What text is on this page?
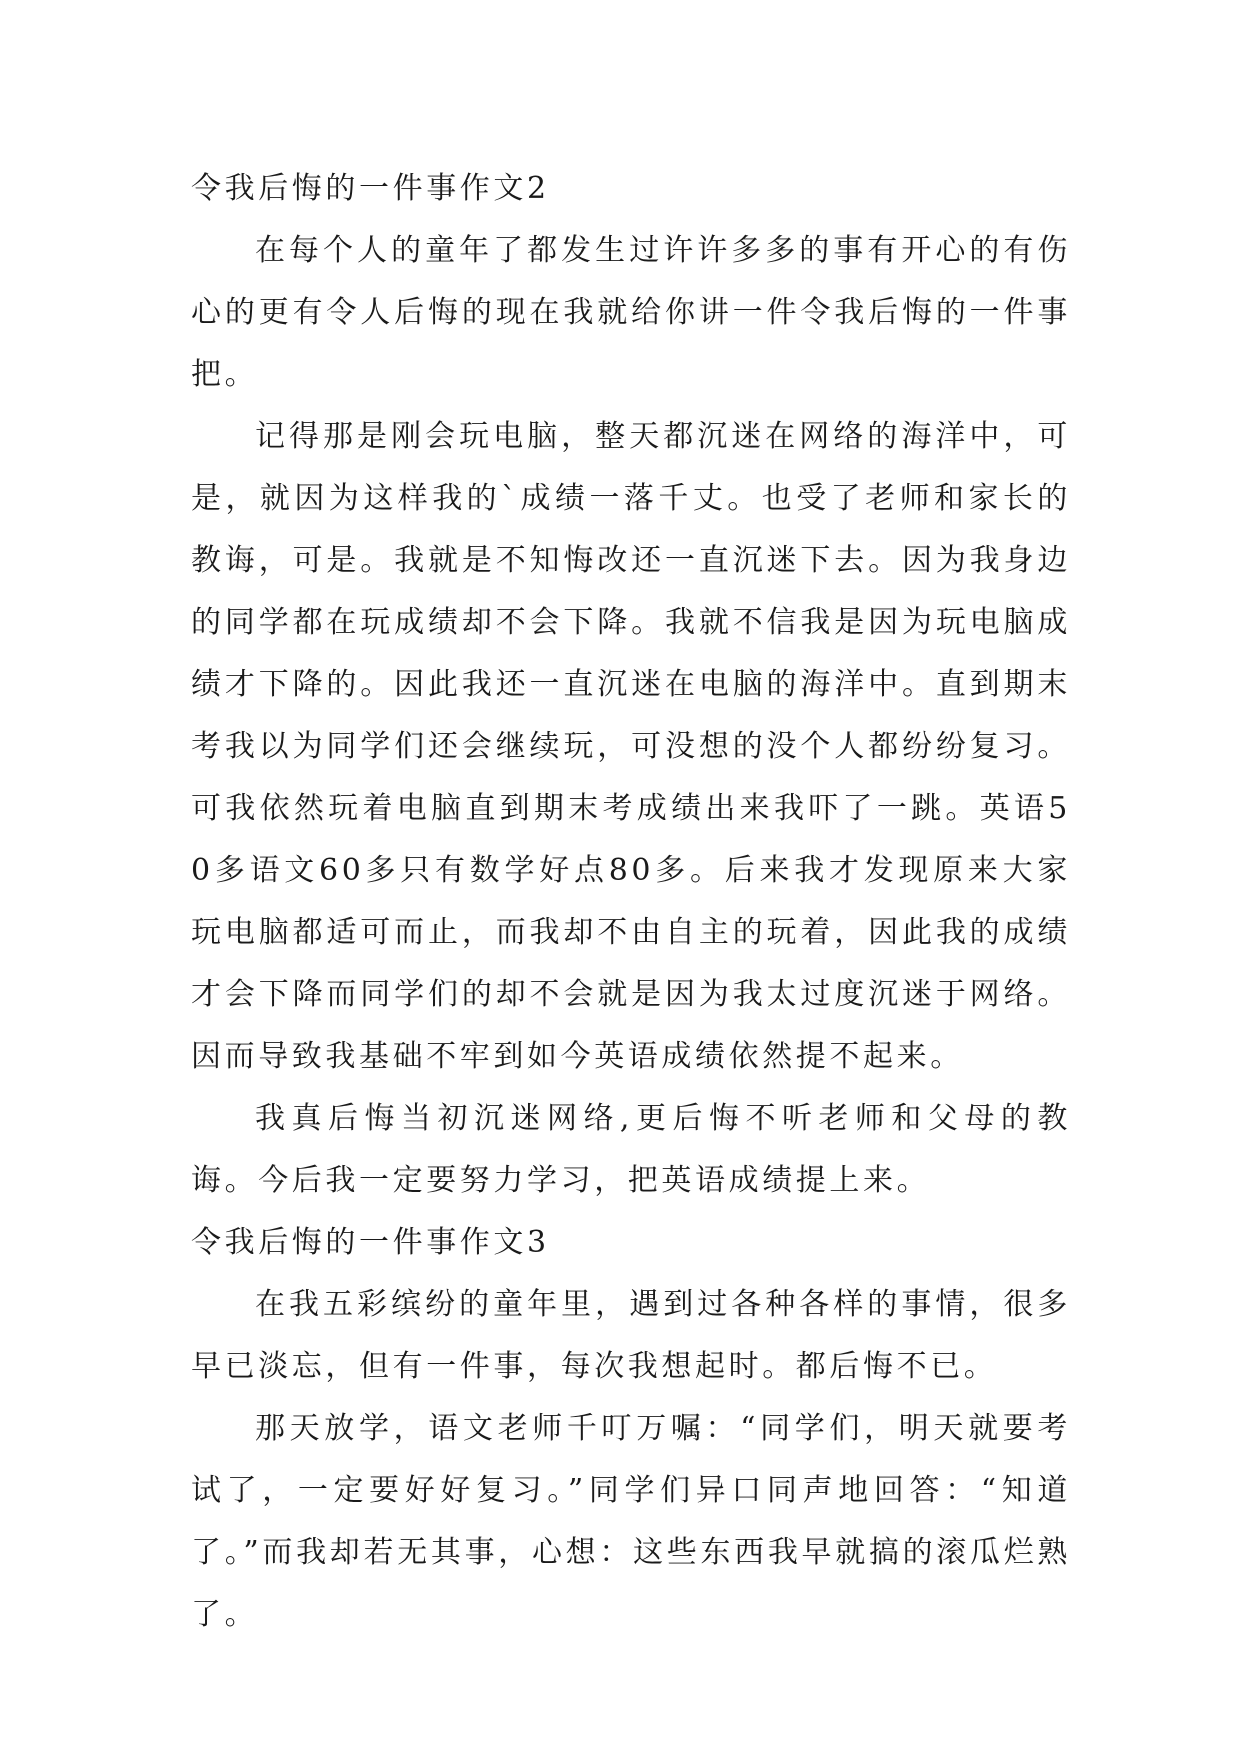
令我后悔的一件事作文2

在每个人的童年了都发生过许许多多的事有开心的有伤心的更有令人后悔的现在我就给你讲一件令我后悔的一件事把。

记得那是刚会玩电脑，整天都沉迷在网络的海洋中，可是，就因为这样我的`成绩一落千丈。也受了老师和家长的教诲，可是。我就是不知悔改还一直沉迷下去。因为我身边的同学都在玩成绩却不会下降。我就不信我是因为玩电脑成绩才下降的。因此我还一直沉迷在电脑的海洋中。直到期末考我以为同学们还会继续玩，可没想的没个人都纷纷复习。可我依然玩着电脑直到期末考成绩出来我吓了一跳。英语50多语文60多只有数学好点80多。后来我才发现原来大家玩电脑都适可而止，而我却不由自主的玩着，因此我的成绩才会下降而同学们的却不会就是因为我太过度沉迷于网络。因而导致我基础不牢到如今英语成绩依然提不起来。

我真后悔当初沉迷网络,更后悔不听老师和父母的教诲。今后我一定要努力学习，把英语成绩提上来。

令我后悔的一件事作文3

在我五彩缤纷的童年里，遇到过各种各样的事情，很多早已淡忘，但有一件事，每次我想起时。都后悔不已。

那天放学，语文老师千叮万嘱：“同学们，明天就要考试了，一定要好好复习。”同学们异口同声地回答：“知道了。”而我却若无其事，心想：这些东西我早就搞的滚瓜烂熟了。
